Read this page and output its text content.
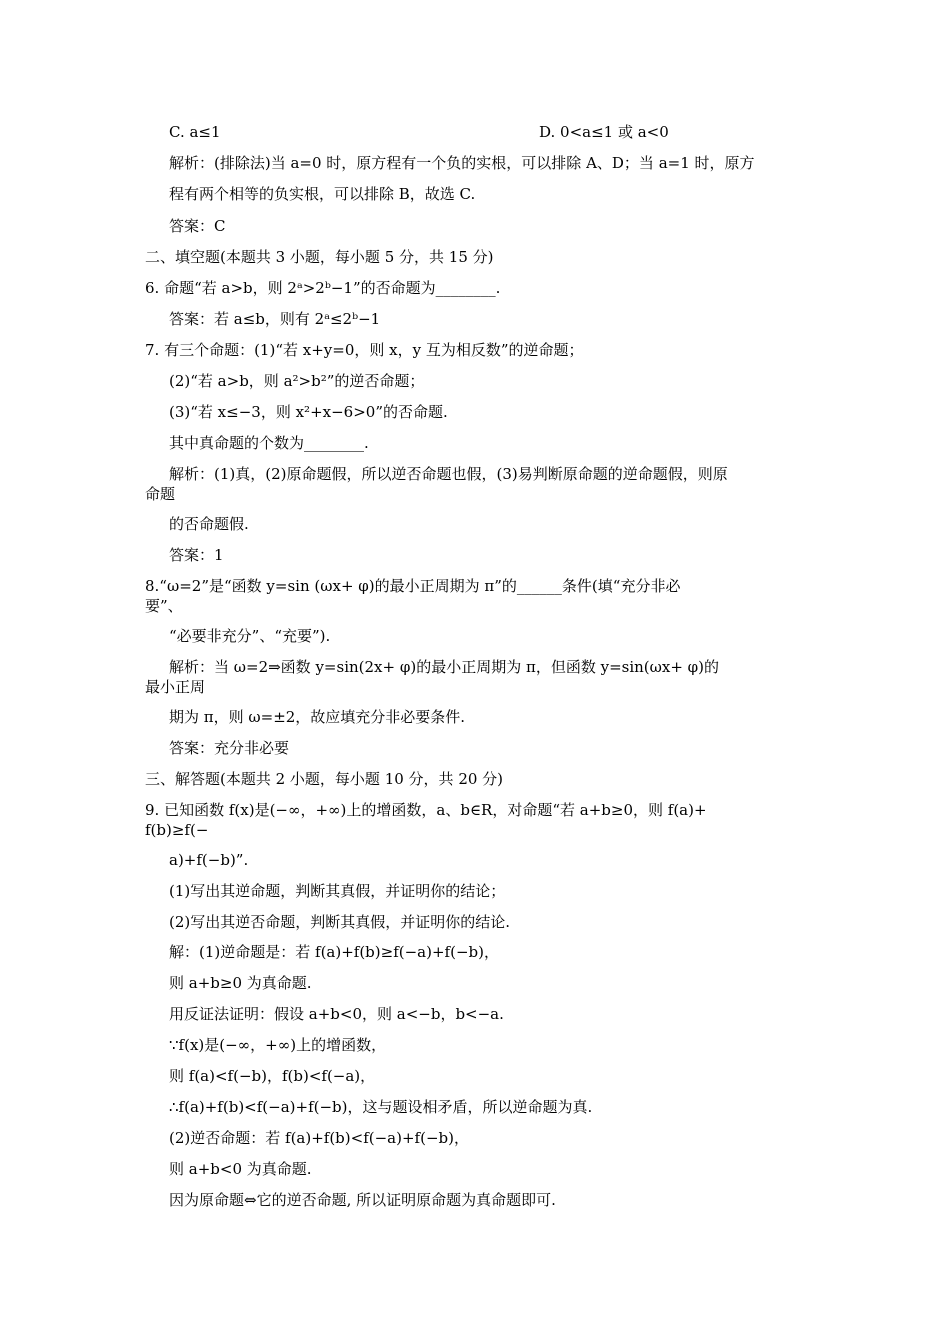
C. a≤1	D. 0<a≤1 或 a<0
解析：(排除法)当 a=0 时，原方程有一个负的实根，可以排除 A、D；当 a=1 时，原方
程有两个相等的负实根，可以排除 B，故选 C.
答案：C
二、填空题(本题共 3 小题，每小题 5 分，共 15 分)
6. 命题“若 a>b，则 2ᵃ>2ᵇ−1”的否命题为________.
答案：若 a≤b，则有 2ᵃ≤2ᵇ−1
7. 有三个命题：(1)“若 x+y=0，则 x，y 互为相反数”的逆命题；
(2)“若 a>b，则 a²>b²”的逆否命题；
(3)“若 x≤−3，则 x²+x−6>0”的否命题.
其中真命题的个数为________.
解析：(1)真，(2)原命题假，所以逆否命题也假，(3)易判断原命题的逆命题假，则原
命题
的否命题假.
答案：1
8.“ω=2”是“函数 y=sin (ωx+ φ)的最小正周期为 π”的______条件(填“充分非必
要”、
“必要非充分”、“充要”).
解析：当 ω=2⇒函数 y=sin(2x+ φ)的最小正周期为 π，但函数 y=sin(ωx+ φ)的
最小正周
期为 π，则 ω=±2，故应填充分非必要条件.
答案：充分非必要
三、解答题(本题共 2 小题，每小题 10 分，共 20 分)
9. 已知函数 f(x)是(−∞，+∞)上的增函数，a、b∈R，对命题“若 a+b≥0，则 f(a)+
f(b)≥f(−
a)+f(−b)”.
(1)写出其逆命题，判断其真假，并证明你的结论；
(2)写出其逆否命题，判断其真假，并证明你的结论.
解：(1)逆命题是：若 f(a)+f(b)≥f(−a)+f(−b)，
则 a+b≥0 为真命题.
用反证法证明：假设 a+b<0，则 a<−b，b<−a.
∵f(x)是(−∞，+∞)上的增函数，
则 f(a)<f(−b)，f(b)<f(−a)，
∴f(a)+f(b)<f(−a)+f(−b)，这与题设相矛盾，所以逆命题为真.
(2)逆否命题：若 f(a)+f(b)<f(−a)+f(−b)，
则 a+b<0 为真命题.
因为原命题⇔它的逆否命题, 所以证明原命题为真命题即可.
